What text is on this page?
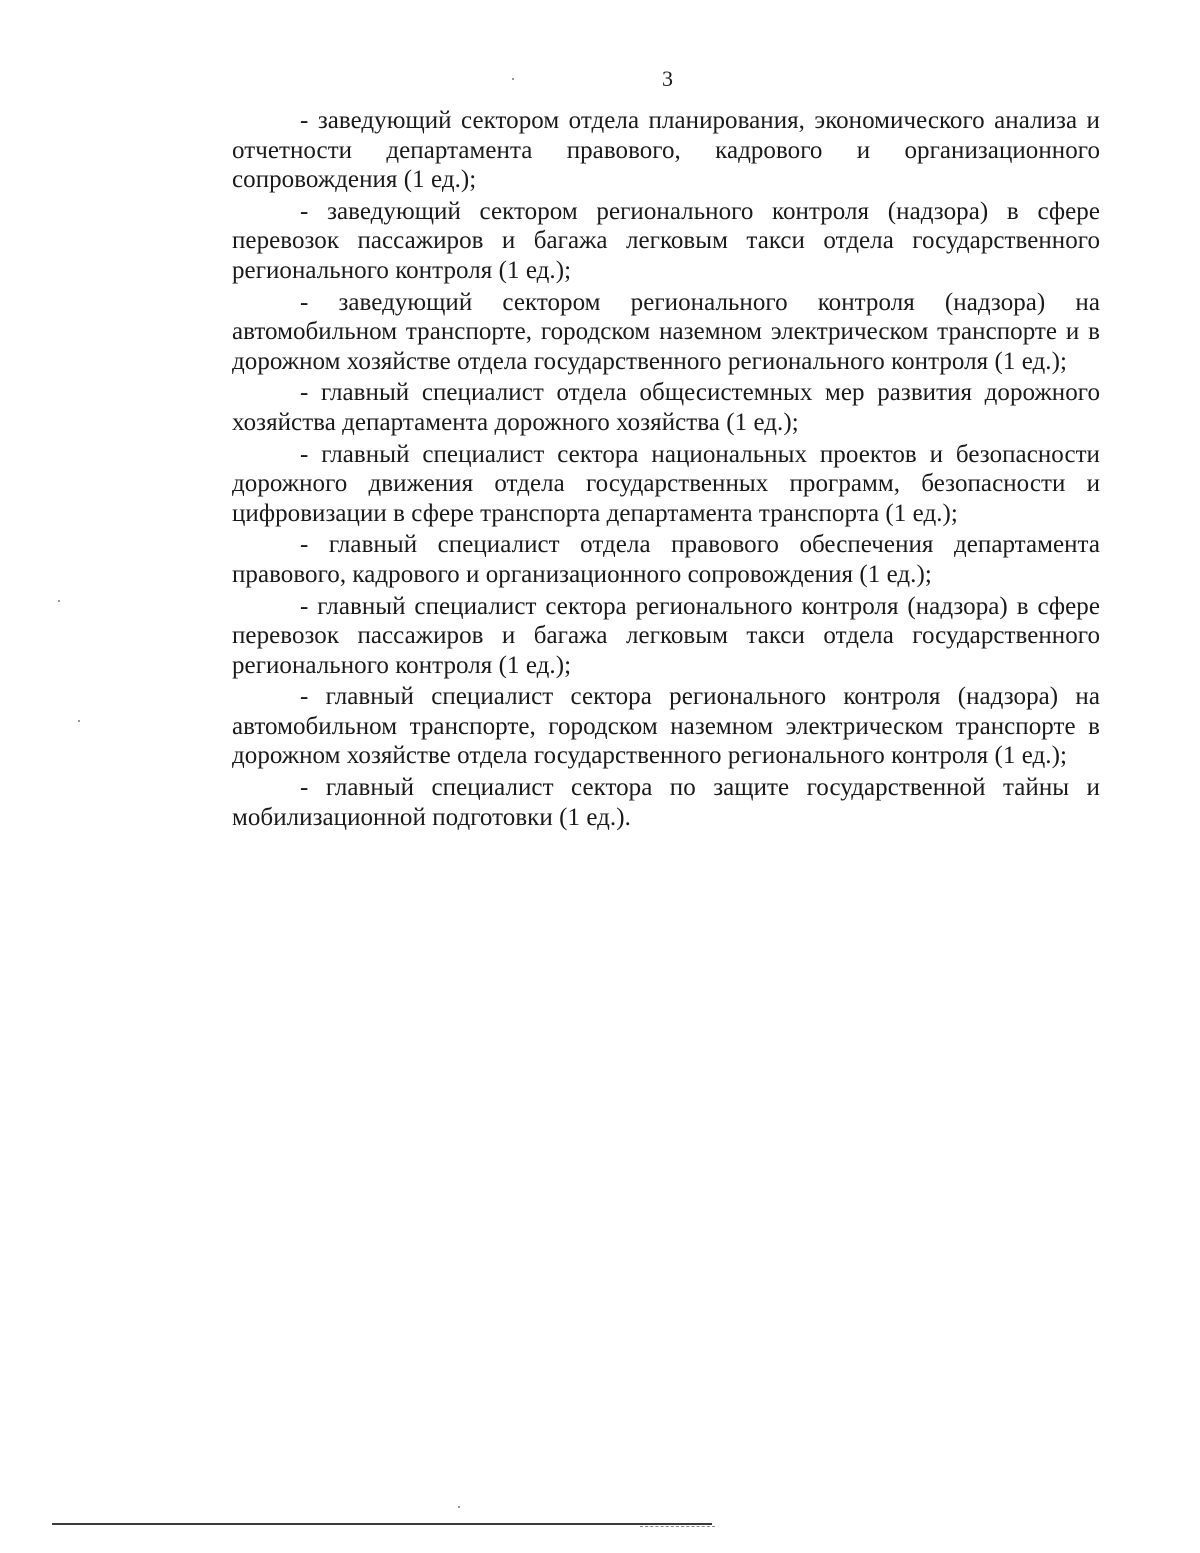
3

- заведующий сектором отдела планирования, экономического анализа и отчетности департамента правового, кадрового и организационного сопровождения (1 ед.);

- заведующий сектором регионального контроля (надзора) в сфере перевозок пассажиров и багажа легковым такси отдела государственного регионального контроля (1 ед.);

- заведующий сектором регионального контроля (надзора) на автомобильном транспорте, городском наземном электрическом транспорте и в дорожном хозяйстве отдела государственного регионального контроля (1 ед.);

- главный специалист отдела общесистемных мер развития дорожного хозяйства департамента дорожного хозяйства (1 ед.);

- главный специалист сектора национальных проектов и безопасности дорожного движения отдела государственных программ, безопасности и цифровизации в сфере транспорта департамента транспорта (1 ед.);

- главный специалист отдела правового обеспечения департамента правового, кадрового и организационного сопровождения (1 ед.);

- главный специалист сектора регионального контроля (надзора) в сфере перевозок пассажиров и багажа легковым такси отдела государственного регионального контроля (1 ед.);

- главный специалист сектора регионального контроля (надзора) на автомобильном транспорте, городском наземном электрическом транспорте в дорожном хозяйстве отдела государственного регионального контроля (1 ед.);

- главный специалист сектора по защите государственной тайны и мобилизационной подготовки (1 ед.).
